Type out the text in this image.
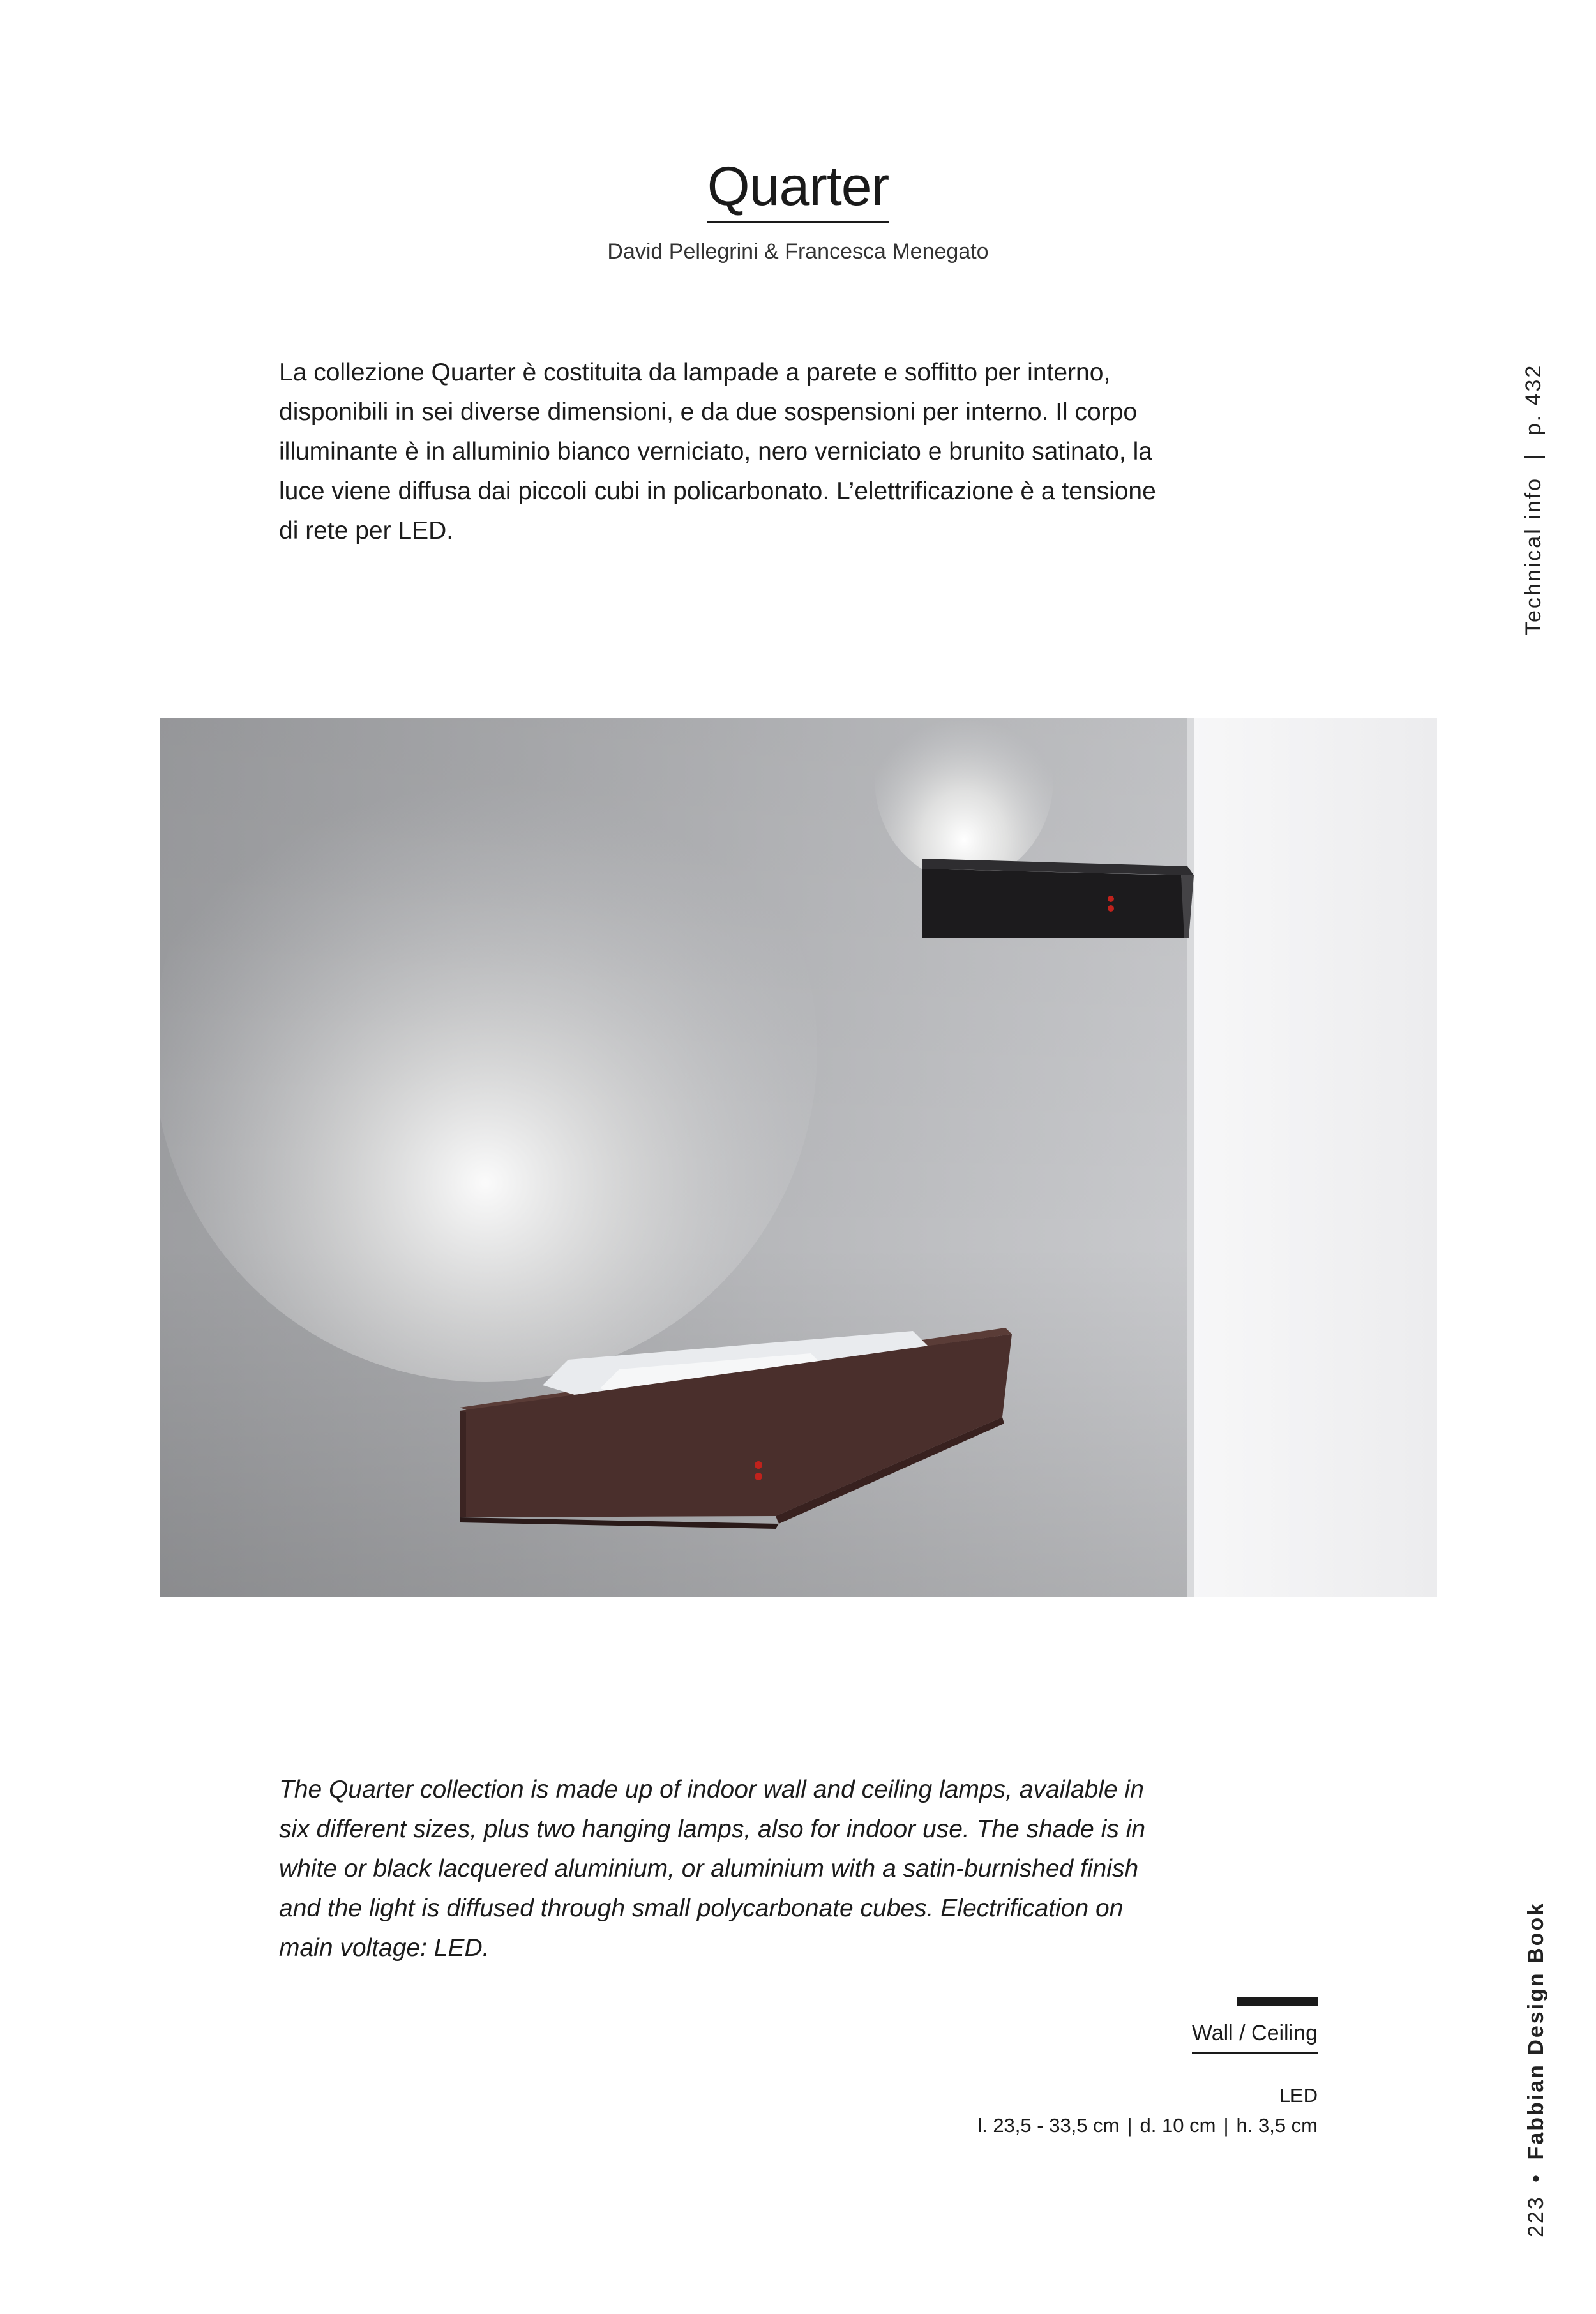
Quarter
David Pellegrini & Francesca Menegato
La collezione Quarter è costituita da lampade a parete e soffitto per interno, disponibili in sei diverse dimensioni, e da due sospensioni per interno. Il corpo illuminante è in alluminio bianco verniciato, nero verniciato e brunito satinato, la luce viene diffusa dai piccoli cubi in policarbonato. L’elettrificazione è a tensione di rete per LED.	Technical info | p. 432
The Quarter collection is made up of indoor wall and ceiling lamps, available in six different sizes, plus two hanging lamps, also for indoor use. The shade is in white or black lacquered aluminium, or aluminium with a satin-burnished finish and the light is diffused through small polycarbonate cubes. Electrification on main voltage: LED.
Wall / Ceiling
LED
l. 23,5 - 33,5 cm | d. 10 cm | h. 3,5 cm
223 • Fabbian Design Book
